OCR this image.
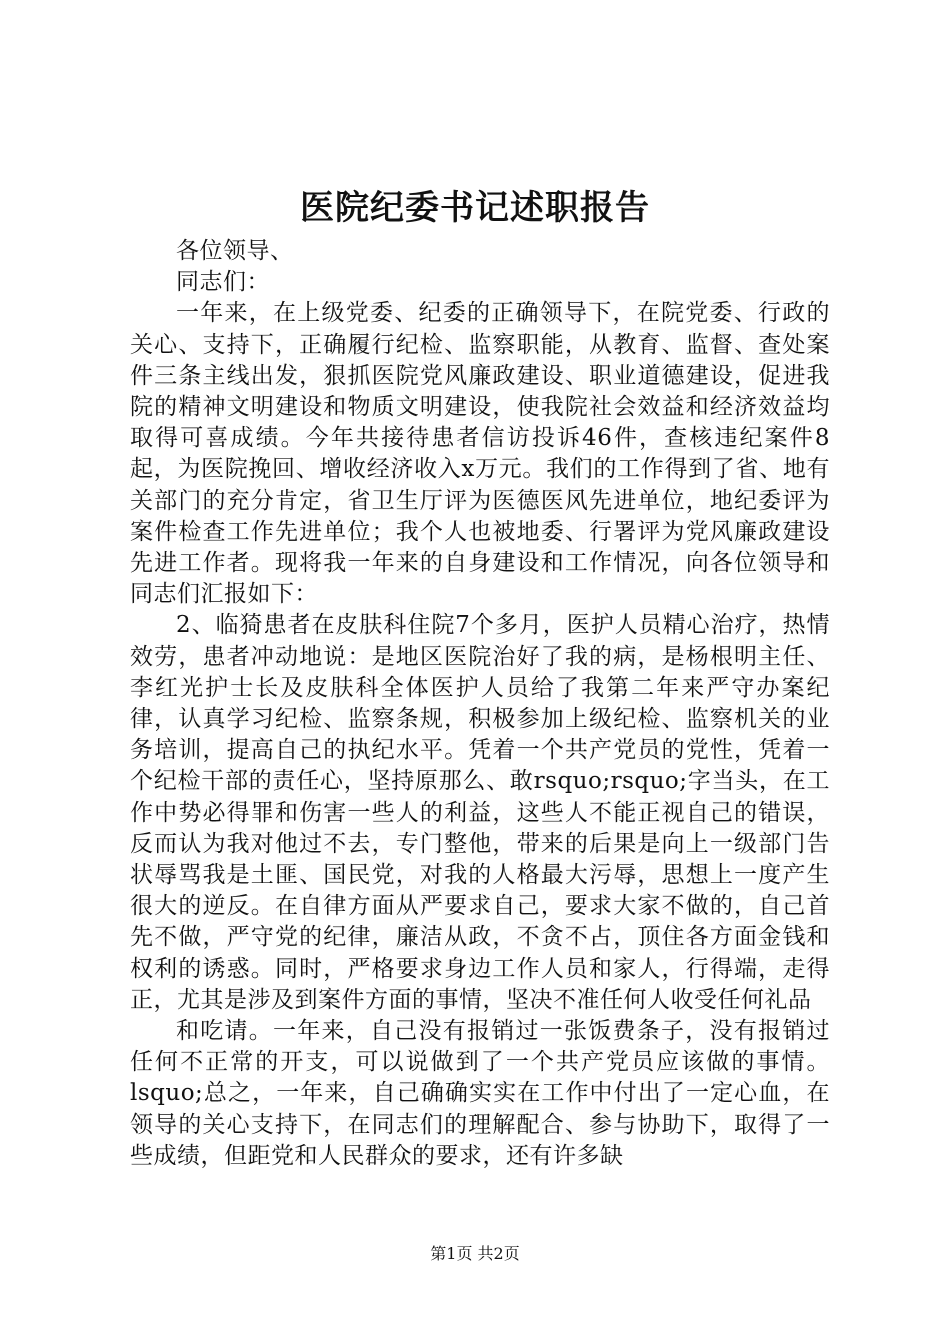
医院纪委书记述职报告

各位领导、

同志们：

一年来，在上级党委、纪委的正确领导下，在院党委、行政的关心、支持下，正确履行纪检、监察职能，从教育、监督、查处案件三条主线出发，狠抓医院党风廉政建设、职业道德建设，促进我院的精神文明建设和物质文明建设，使我院社会效益和经济效益均取得可喜成绩。今年共接待患者信访投诉46件，查核违纪案件8起，为医院挽回、增收经济收入x万元。我们的工作得到了省、地有关部门的充分肯定，省卫生厅评为医德医风先进单位，地纪委评为案件检查工作先进单位；我个人也被地委、行署评为党风廉政建设先进工作者。现将我一年来的自身建设和工作情况，向各位领导和同志们汇报如下：

2、临猗患者在皮肤科住院7个多月，医护人员精心治疗，热情效劳，患者冲动地说：是地区医院治好了我的病，是杨根明主任、李红光护士长及皮肤科全体医护人员给了我第二年来严守办案纪律，认真学习纪检、监察条规，积极参加上级纪检、监察机关的业务培训，提高自己的执纪水平。凭着一个共产党员的党性，凭着一个纪检干部的责任心，坚持原那么、敢rsquo;rsquo;字当头，在工作中势必得罪和伤害一些人的利益，这些人不能正视自己的错误，反而认为我对他过不去，专门整他，带来的后果是向上一级部门告状辱骂我是土匪、国民党，对我的人格最大污辱，思想上一度产生很大的逆反。在自律方面从严要求自己，要求大家不做的，自己首先不做，严守党的纪律，廉洁从政，不贪不占，顶住各方面金钱和权利的诱惑。同时，严格要求身边工作人员和家人，行得端，走得正，尤其是涉及到案件方面的事情，坚决不准任何人收受任何礼品

和吃请。一年来，自己没有报销过一张饭费条子，没有报销过任何不正常的开支，可以说做到了一个共产党员应该做的事情。lsquo;总之，一年来，自己确确实实在工作中付出了一定心血，在领导的关心支持下，在同志们的理解配合、参与协助下，取得了一些成绩，但距党和人民群众的要求，还有许多缺

第1页 共2页
